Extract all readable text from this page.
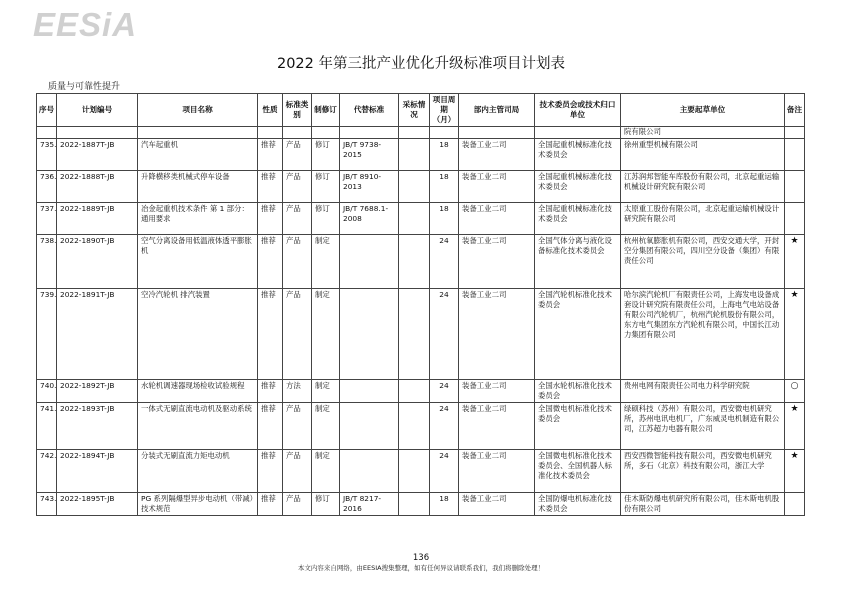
EESiA
2022 年第三批产业优化升级标准项目计划表
质量与可靠性提升
序号	计划编号	项目名称	性质	标准类别	制修订	代替标准	采标情况	项目周期（月）	部内主管司局	技术委员会或技术归口单位	主要起草单位	备注
											院有限公司	
735.	2022-1887T-JB	汽车起重机	推荐	产品	修订	JB/T 9738-2015		18	装备工业二司	全国起重机械标准化技术委员会	徐州重型机械有限公司	
736.	2022-1888T-JB	升降横移类机械式停车设备	推荐	产品	修订	JB/T 8910-2013		18	装备工业二司	全国起重机械标准化技术委员会	江苏润邦智能车库股份有限公司，北京起重运输机械设计研究院有限公司	
737.	2022-1889T-JB	冶金起重机技术条件 第 1 部分：通用要求	推荐	产品	修订	JB/T 7688.1-2008		18	装备工业二司	全国起重机械标准化技术委员会	太原重工股份有限公司，北京起重运输机械设计研究院有限公司	
738.	2022-1890T-JB	空气分离设备用低温液体透平膨胀机	推荐	产品	制定			24	装备工业二司	全国气体分离与液化设备标准化技术委员会	杭州杭氧膨胀机有限公司，西安交通大学，开封空分集团有限公司，四川空分设备（集团）有限责任公司	★
739.	2022-1891T-JB	空冷汽轮机 排汽装置	推荐	产品	制定			24	装备工业二司	全国汽轮机标准化技术委员会	哈尔滨汽轮机厂有限责任公司，上海发电设备成套设计研究院有限责任公司，上海电气电站设备有限公司汽轮机厂，杭州汽轮机股份有限公司，东方电气集团东方汽轮机有限公司，中国长江动力集团有限公司	★
740.	2022-1892T-JB	水轮机调速器现场检收试验规程	推荐	方法	制定			24	装备工业二司	全国水轮机标准化技术委员会	贵州电网有限责任公司电力科学研究院	○
741.	2022-1893T-JB	一体式无刷直流电动机及驱动系统	推荐	产品	制定			24	装备工业二司	全国微电机标准化技术委员会	绿硕科技（苏州）有限公司，西安微电机研究所，苏州电讯电机厂，广东威灵电机制造有限公司，江苏超力电器有限公司	★
742.	2022-1894T-JB	分装式无刷直流力矩电动机	推荐	产品	制定			24	装备工业二司	全国微电机标准化技术委员会、全国机器人标准化技术委员会	西安西微智能科技有限公司，西安微电机研究所，多石（北京）科技有限公司，浙江大学	★
743.	2022-1895T-JB	PG 系列隔爆型异步电动机（带减）技术规范	推荐	产品	修订	JB/T 8217-2016		18	装备工业二司	全国防爆电机标准化技术委员会	佳木斯防爆电机研究所有限公司，佳木斯电机股份有限公司	
136
本文内容来自网络，由EESIA搜集整理，如有任何异议请联系我们，我们将删除处理！
